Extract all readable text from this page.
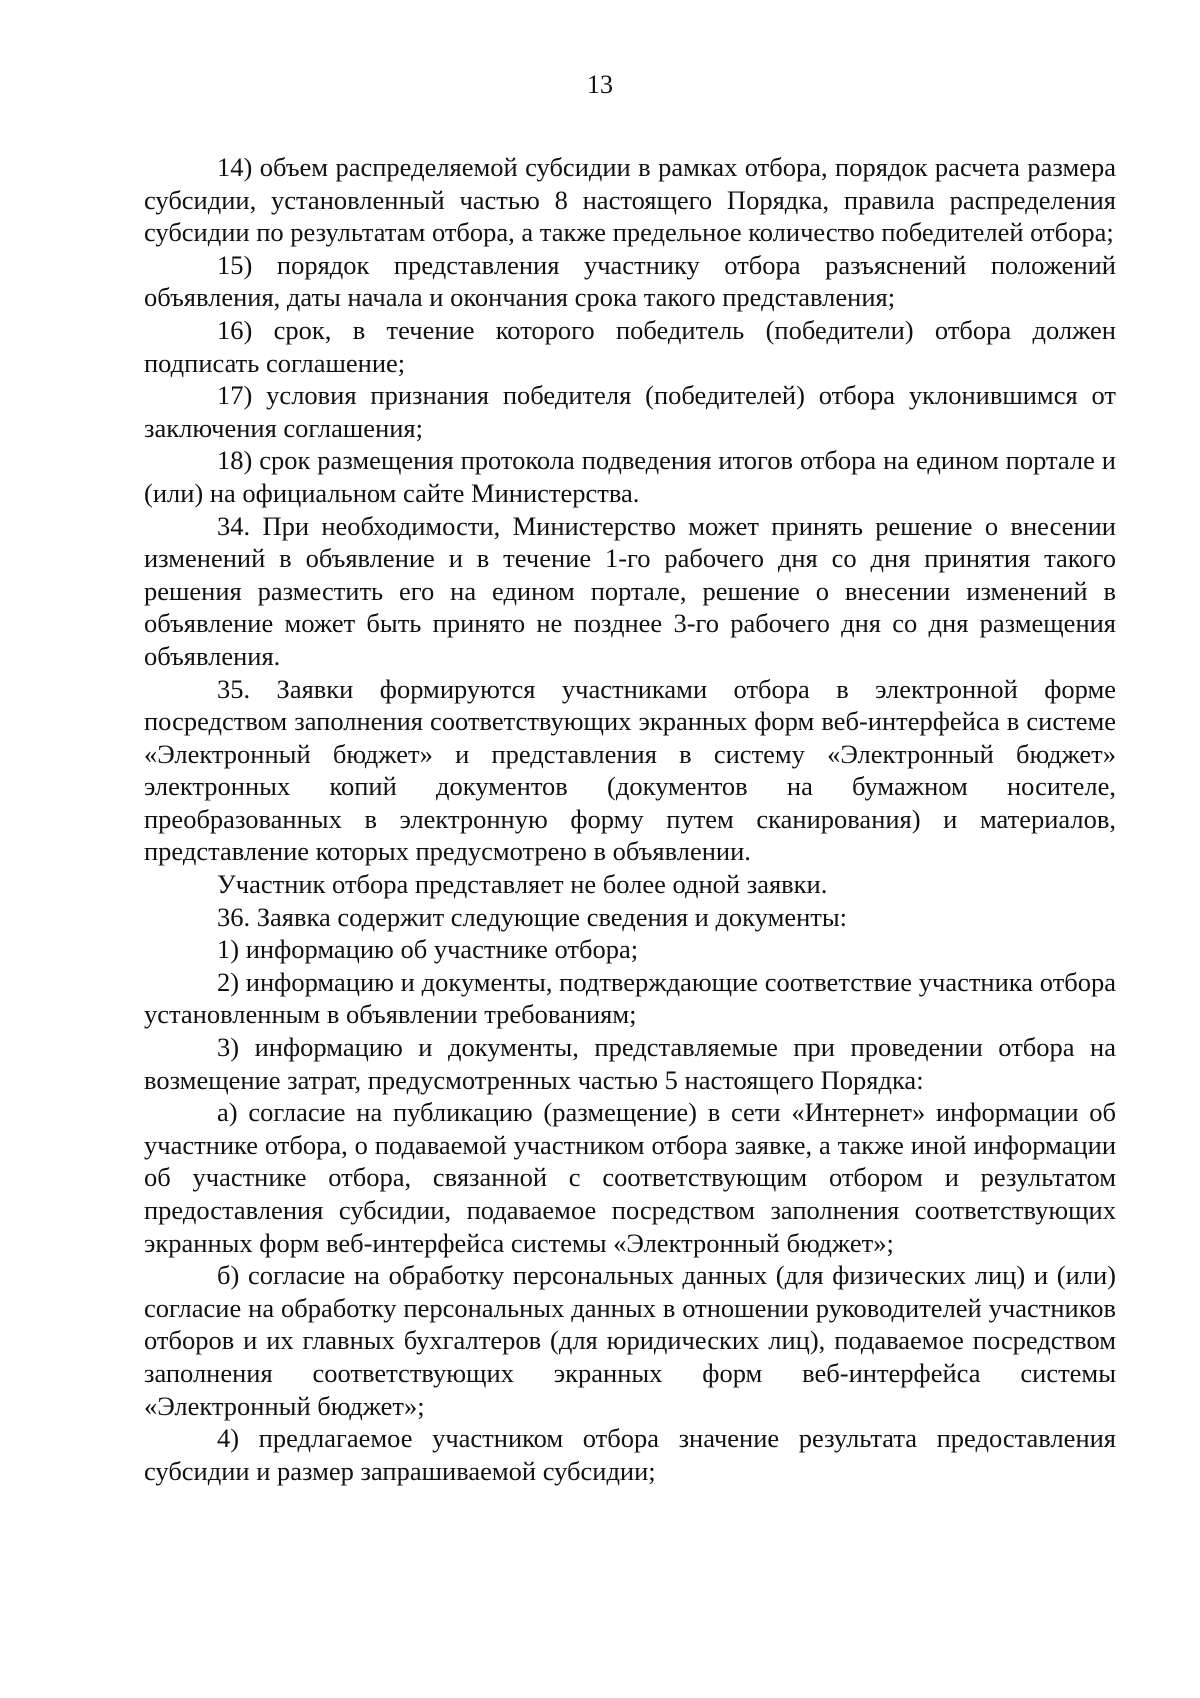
13

14) объем распределяемой субсидии в рамках отбора, порядок расчета размера субсидии, установленный частью 8 настоящего Порядка, правила распределения субсидии по результатам отбора, а также предельное количество победителей отбора;

15) порядок представления участнику отбора разъяснений положений объявления, даты начала и окончания срока такого представления;

16) срок, в течение которого победитель (победители) отбора должен подписать соглашение;

17) условия признания победителя (победителей) отбора уклонившимся от заключения соглашения;

18) срок размещения протокола подведения итогов отбора на едином портале и (или) на официальном сайте Министерства.

34. При необходимости, Министерство может принять решение о внесении изменений в объявление и в течение 1-го рабочего дня со дня принятия такого решения разместить его на едином портале, решение о внесении изменений в объявление может быть принято не позднее 3-го рабочего дня со дня размещения объявления.

35. Заявки формируются участниками отбора в электронной форме посредством заполнения соответствующих экранных форм веб-интерфейса в системе «Электронный бюджет» и представления в систему «Электронный бюджет» электронных копий документов (документов на бумажном носителе, преобразованных в электронную форму путем сканирования) и материалов, представление которых предусмотрено в объявлении.

Участник отбора представляет не более одной заявки.

36. Заявка содержит следующие сведения и документы:

1) информацию об участнике отбора;

2) информацию и документы, подтверждающие соответствие участника отбора установленным в объявлении требованиям;

3) информацию и документы, представляемые при проведении отбора на возмещение затрат, предусмотренных частью 5 настоящего Порядка:

а) согласие на публикацию (размещение) в сети «Интернет» информации об участнике отбора, о подаваемой участником отбора заявке, а также иной информации об участнике отбора, связанной с соответствующим отбором и результатом предоставления субсидии, подаваемое посредством заполнения соответствующих экранных форм веб-интерфейса системы «Электронный бюджет»;

б) согласие на обработку персональных данных (для физических лиц) и (или) согласие на обработку персональных данных в отношении руководителей участников отборов и их главных бухгалтеров (для юридических лиц), подаваемое посредством заполнения соответствующих экранных форм веб-интерфейса системы «Электронный бюджет»;

4) предлагаемое участником отбора значение результата предоставления субсидии и размер запрашиваемой субсидии;
